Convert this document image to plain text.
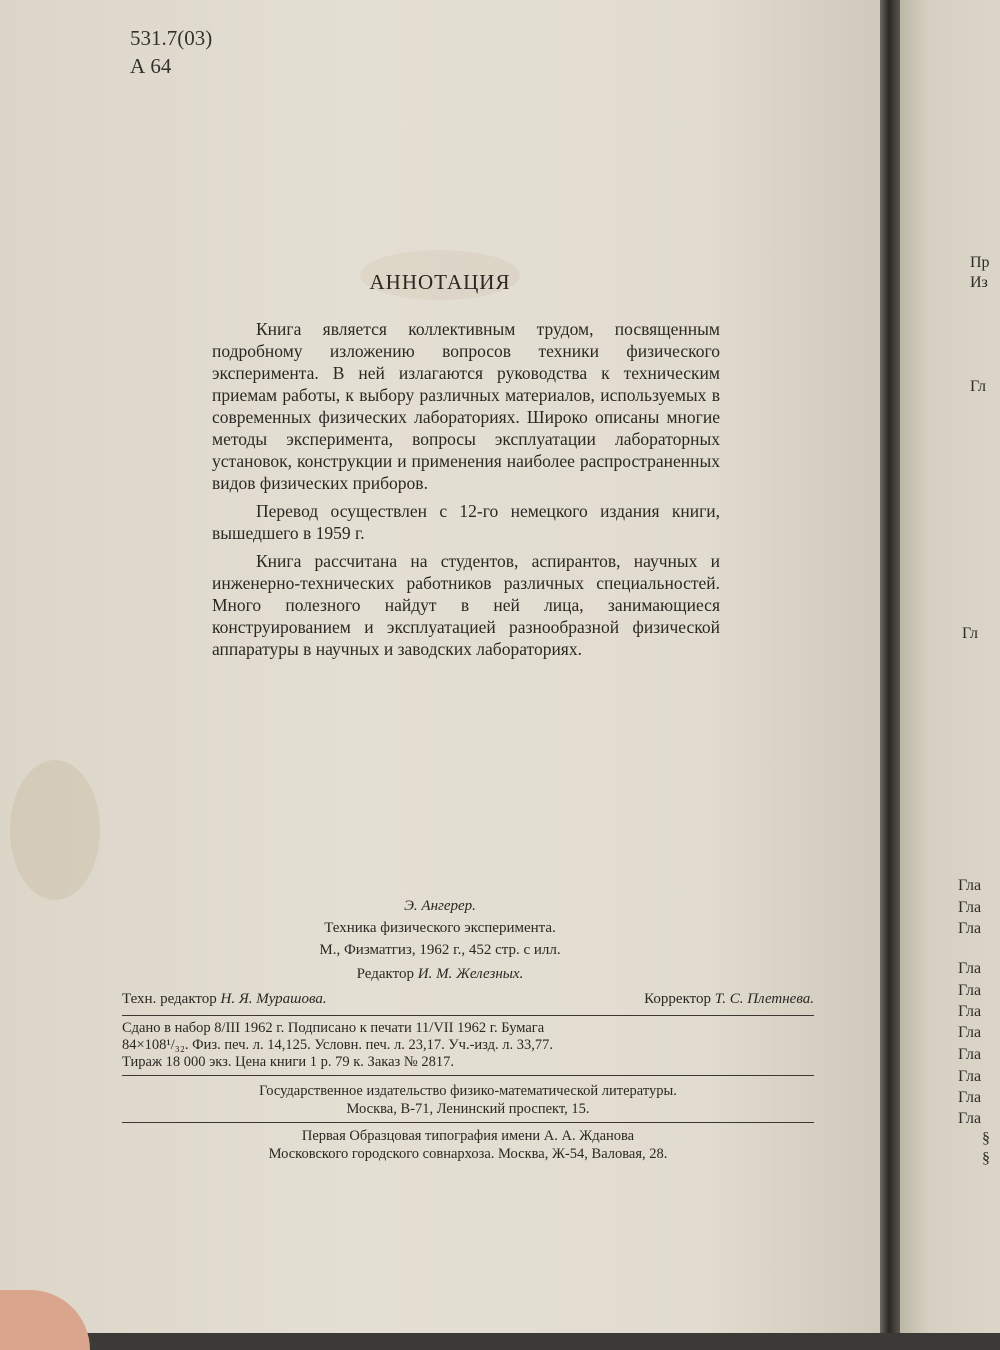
531.7(03)
А 64
АННОТАЦИЯ

Книга является коллективным трудом, посвященным подробному изложению вопросов техники физического эксперимента. В ней излагаются руководства к техническим приемам работы, к выбору различных материалов, используемых в современных физических лабораториях. Широко описаны многие методы эксперимента, вопросы эксплуатации лабораторных установок, конструкции и применения наиболее распространенных видов физических приборов.

Перевод осуществлен с 12-го немецкого издания книги, вышедшего в 1959 г.

Книга рассчитана на студентов, аспирантов, научных и инженерно-технических работников различных специальностей. Много полезного найдут в ней лица, занимающиеся конструированием и эксплуатацией разнообразной физической аппаратуры в научных и заводских лабораториях.

Э. Ангерер.
Техника физического эксперимента.
М., Физматгиз, 1962 г., 452 стр. с илл.
Редактор И. М. Железных.
Техн. редактор Н. Я. Мурашова.	Корректор Т. С. Плетнева.
Сдано в набор 8/III 1962 г. Подписано к печати 11/VII 1962 г. Бумага
84×108¹/₃₂. Физ. печ. л. 14,125. Условн. печ. л. 23,17. Уч.-изд. л. 33,77.
Тираж 18 000 экз. Цена книги 1 р. 79 к. Заказ № 2817.
Государственное издательство физико-математической литературы.
Москва, В-71, Ленинский проспект, 15.
Первая Образцовая типография имени А. А. Жданова
Московского городского совнархоза. Москва, Ж-54, Валовая, 28.
Пр
Из
Гл
Гл
Гла
Гла
Гла
Гла
Гла
Гла
Гла
Гла
Гла
Гла
Гла
§
§
